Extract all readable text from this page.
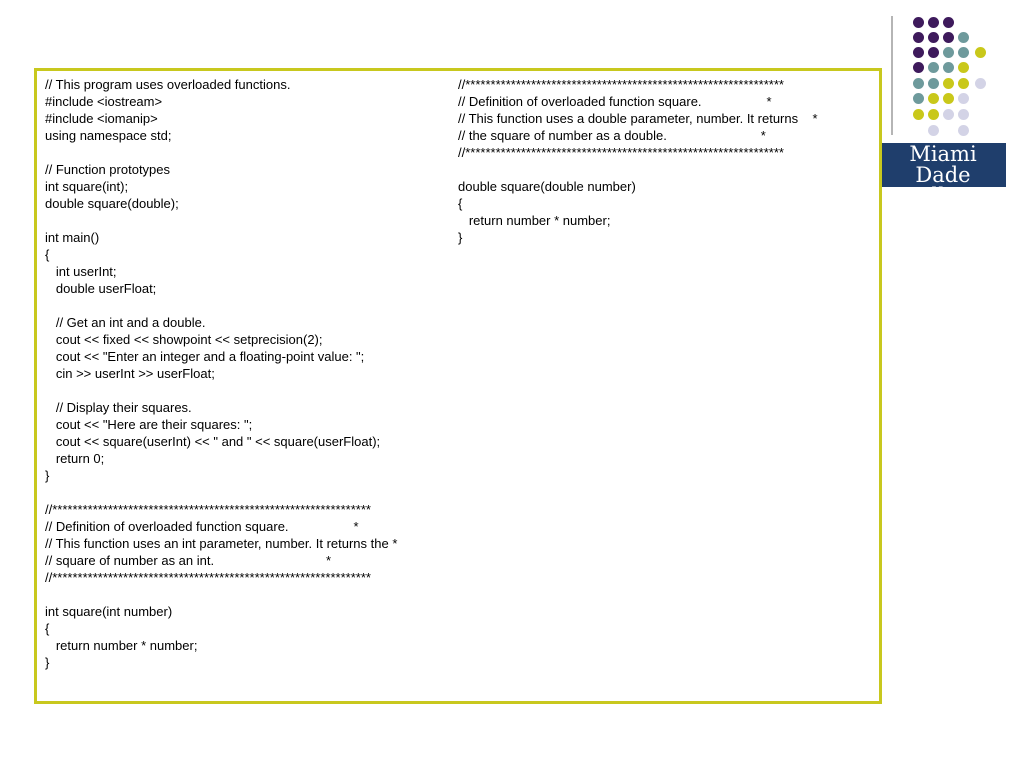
Miami Dade
College
// This program uses overloaded functions.
#include <iostream>
#include <iomanip>
using namespace std;

// Function prototypes
int square(int);
double square(double);

int main()
{
int userInt;
double userFloat;

// Get an int and a double.
cout << fixed << showpoint << setprecision(2);
cout << "Enter an integer and a floating-point value: ";
cin >> userInt >> userFloat;

// Display their squares.
cout << "Here are their squares: ";
cout << square(userInt) << " and " << square(userFloat);
return 0;
}

//***************************************************************
// Definition of overloaded function square.                  *
// This function uses an int parameter, number. It returns the *
// square of number as an int.                               *
//***************************************************************

int square(int number)
{
return number * number;
}
//***************************************************************
// Definition of overloaded function square.                  *
// This function uses a double parameter, number. It returns    *
// the square of number as a double.                          *
//***************************************************************

double square(double number)
{
return number * number;
}
